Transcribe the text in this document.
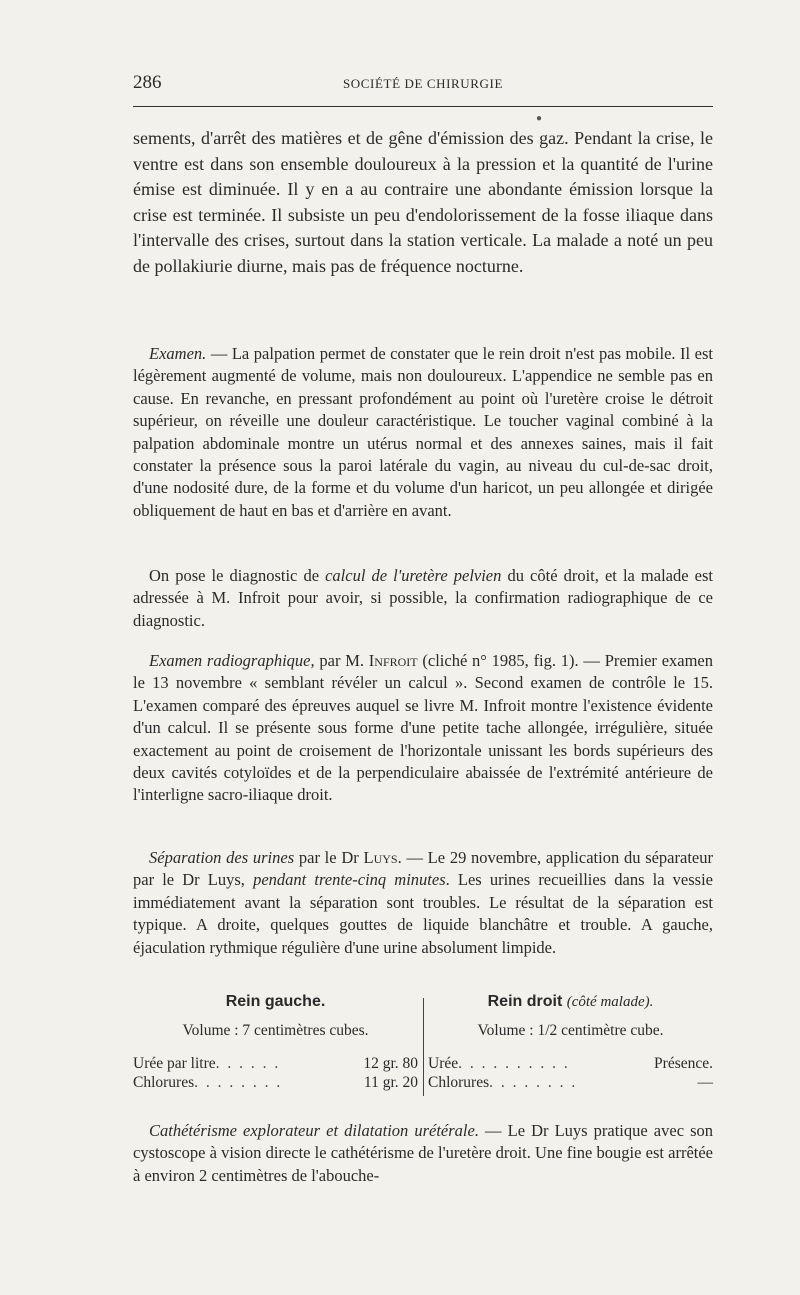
286	SOCIÉTÉ DE CHIRURGIE
●

sements, d'arrêt des matières et de gêne d'émission des gaz. Pendant la crise, le ventre est dans son ensemble douloureux à la pression et la quantité de l'urine émise est diminuée. Il y en a au contraire une abondante émission lorsque la crise est terminée. Il subsiste un peu d'endolorissement de la fosse iliaque dans l'intervalle des crises, surtout dans la station verticale. La malade a noté un peu de pollakiurie diurne, mais pas de fréquence nocturne.

Examen. — La palpation permet de constater que le rein droit n'est pas mobile. Il est légèrement augmenté de volume, mais non douloureux. L'appendice ne semble pas en cause. En revanche, en pressant profondément au point où l'uretère croise le détroit supérieur, on réveille une douleur caractéristique. Le toucher vaginal combiné à la palpation abdominale montre un utérus normal et des annexes saines, mais il fait constater la présence sous la paroi latérale du vagin, au niveau du cul-de-sac droit, d'une nodosité dure, de la forme et du volume d'un haricot, un peu allongée et dirigée obliquement de haut en bas et d'arrière en avant.

On pose le diagnostic de calcul de l'uretère pelvien du côté droit, et la malade est adressée à M. Infroit pour avoir, si possible, la confirmation radiographique de ce diagnostic.

Examen radiographique, par M. Infroit (cliché n° 1985, fig. 1). — Premier examen le 13 novembre « semblant révéler un calcul ». Second examen de contrôle le 15. L'examen comparé des épreuves auquel se livre M. Infroit montre l'existence évidente d'un calcul. Il se présente sous forme d'une petite tache allongée, irrégulière, située exactement au point de croisement de l'horizontale unissant les bords supérieurs des deux cavités cotyloïdes et de la perpendiculaire abaissée de l'extrémité antérieure de l'interligne sacro-iliaque droit.

Séparation des urines par le Dr Luys. — Le 29 novembre, application du séparateur par le Dr Luys, pendant trente-cinq minutes. Les urines recueillies dans la vessie immédiatement avant la séparation sont troubles. Le résultat de la séparation est typique. A droite, quelques gouttes de liquide blanchâtre et trouble. A gauche, éjaculation rythmique régulière d'une urine absolument limpide.

Rein gauche.
Volume : 7 centimètres cubes.
Urée par litre . . . . . .	12 gr. 80
Chlorures . . . . . . . .	11 gr. 20
Rein droit (côté malade).
Volume : 1/2 centimètre cube.
Urée . . . . . . . . . .	Présence.
Chlorures . . . . . . . .	—

Cathétérisme explorateur et dilatation urétérale. — Le Dr Luys pratique avec son cystoscope à vision directe le cathétérisme de l'uretère droit. Une fine bougie est arrêtée à environ 2 centimètres de l'abouche-
